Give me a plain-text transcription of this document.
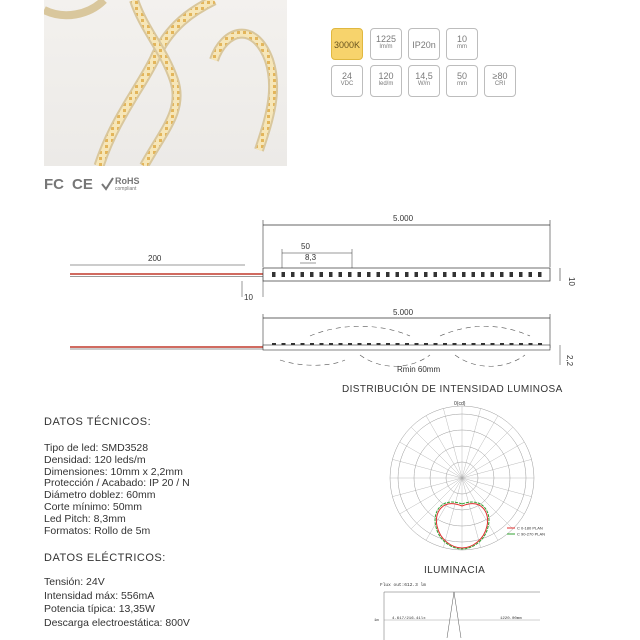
3000K
1225
lm/m	IP20n
10
mm
24
VDC
120
led/m
14,5
W/m
50
mm
≥80
CRI
FC CE RoHS
compliant
5.000
50
8,3
200
10
10
5.000
Rmin 60mm
2,2
DATOS TÉCNICOS:
Tipo de led: SMD3528
Densidad: 120 leds/m
Dimensiones: 10mm x 2,2mm
Protección / Acabado: IP 20 / N
Diámetro doblez: 60mm
Corte mínimo: 50mm
Led Pitch: 8,3mm
Formatos: Rollo de 5m
DATOS ELÉCTRICOS:
Tensión: 24V
Intensidad máx: 556mA
Potencia típica: 13,35W
Descarga electroestática: 800V
DISTRIBUCIÓN DE INTENSIDAD LUMINOSA
0(cd)
C 0-180 PLAN
C 90-270 PLAN
ILUMINACIA
Flux out:612.3 lm
1m	4.617/216.41lx	1220.00mm
